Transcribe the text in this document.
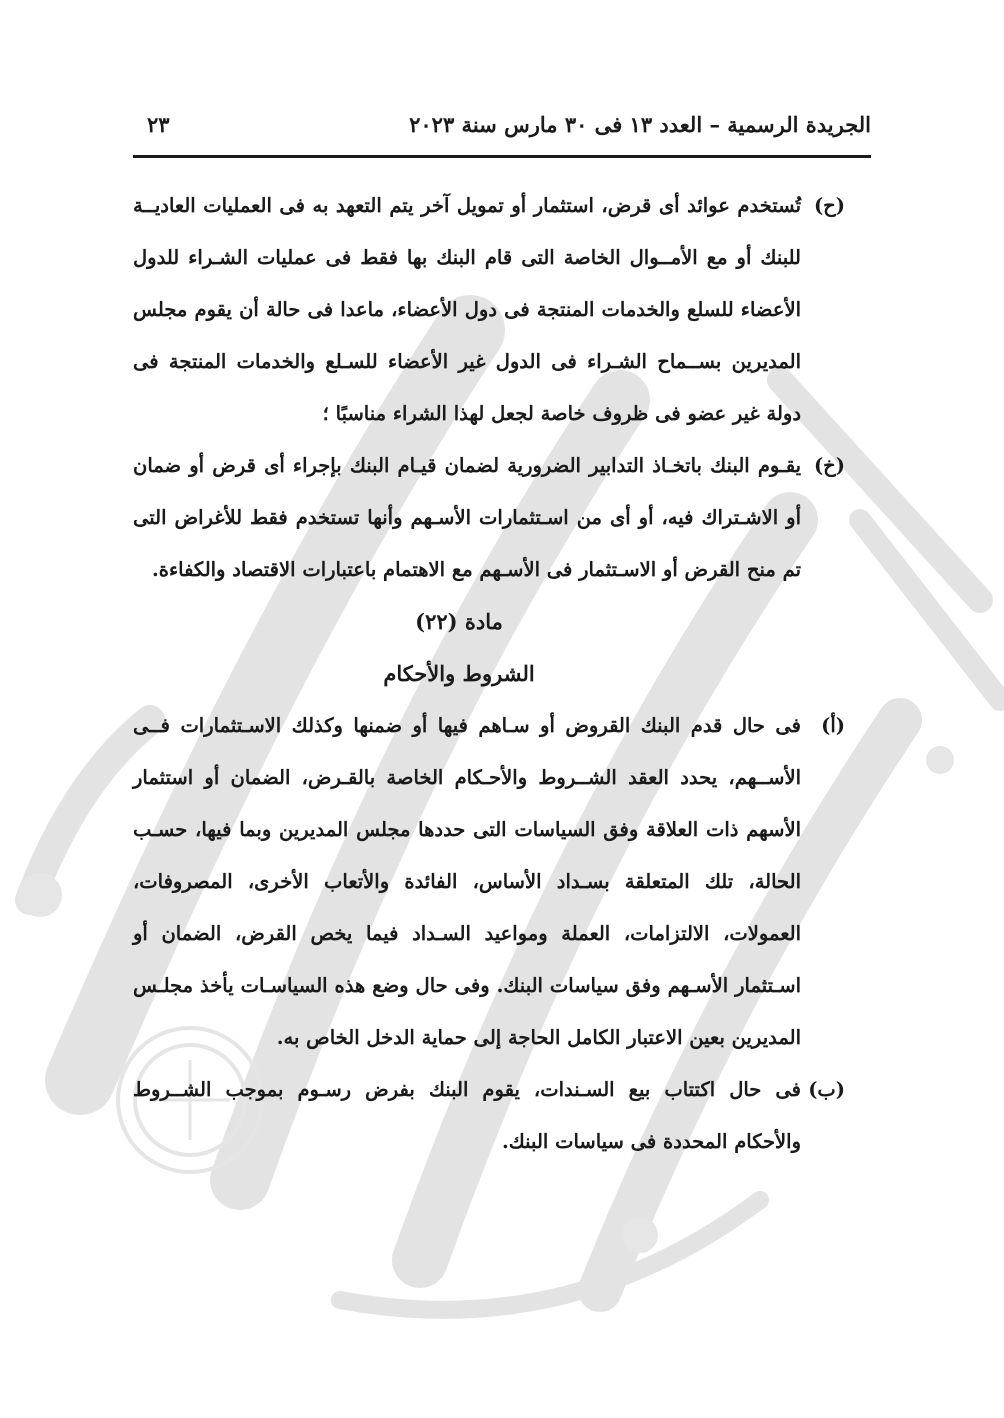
الجريدة الرسمية – العدد ١٣ فى ٣٠ مارس سنة ٢٠٢٣
٢٣
(ح)
تُستخدم عوائد أى قرض، استثمار أو تمويل آخر يتم التعهد به فى العمليات العاديــة للبنك أو مع الأمــوال الخاصة التى قام البنك بها فقط فى عمليات الشـراء للدول الأعضاء للسلع والخدمات المنتجة فى دول الأعضاء، ماعدا فى حالة أن يقوم مجلس المديرين بســماح الشـراء فى الدول غير الأعضاء للسـلع والخدمات المنتجة فى دولة غير عضو فى ظروف خاصة لجعل لهذا الشراء مناسبًا ؛
(خ)
يقـوم البنك باتخـاذ التدابير الضرورية لضمان قيـام البنك بإجراء أى قرض أو ضمان أو الاشـتراك فيه، أو أى من اسـتثمارات الأسـهم وأنها تستخدم فقط للأغراض التى تم منح القرض أو الاسـتثمار فى الأسـهم مع الاهتمام باعتبارات الاقتصاد والكفاءة.
مادة (٢٢)
الشروط والأحكام
(أ)
فى حال قدم البنك القروض أو سـاهم فيها أو ضمنها وكذلك الاسـتثمارات فــى الأســهم، يحدد العقد الشــروط والأحـكام الخاصة بالقـرض، الضمان أو استثمار الأسهم ذات العلاقة وفق السياسات التى حددها مجلس المديرين وبما فيها، حسـب الحالة، تلك المتعلقة بسـداد الأساس، الفائدة والأتعاب الأخرى، المصروفات، العمولات، الالتزامات، العملة ومواعيد السـداد فيما يخص القرض، الضمان أو اسـتثمار الأسـهم وفق سياسات البنك. وفى حال وضع هذه السياسـات يأخذ مجلـس المديرين بعين الاعتبار الكامل الحاجة إلى حماية الدخل الخاص به.
(ب)
فى حال اكتتاب بيع السـندات، يقوم البنك بفرض رسـوم بموجب الشــروط والأحكام المحددة فى سياسات البنك.
